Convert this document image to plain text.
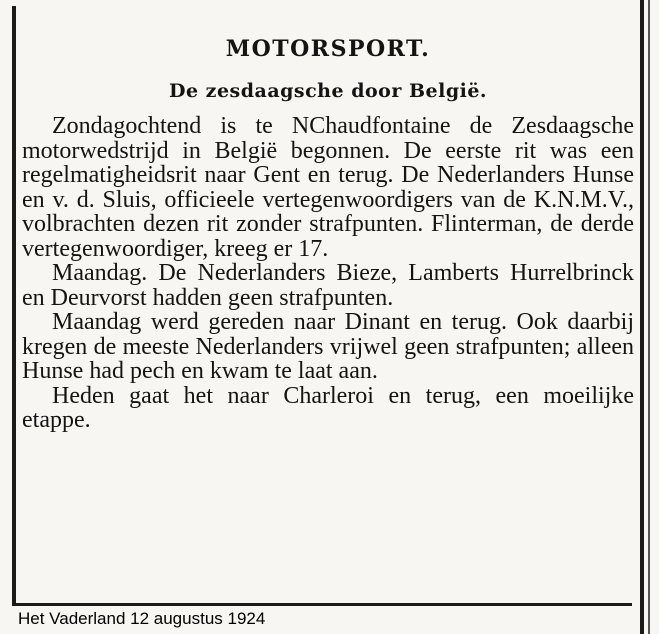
MOTORSPORT.
De zesdaagsche door België.

Zondagochtend is te NChaudfontaine de Zesdaagsche motorwedstrijd in België begonnen. De eerste rit was een regelmatigheidsrit naar Gent en terug. De Nederlanders Hunse en v. d. Sluis, officieele vertegenwoordigers van de K.N.M.V., volbrachten dezen rit zonder strafpunten. Flinterman, de derde vertegenwoordiger, kreeg er 17.

Maandag. De Nederlanders Bieze, Lamberts Hurrelbrinck en Deurvorst hadden geen strafpunten.

Maandag werd gereden naar Dinant en terug. Ook daarbij kregen de meeste Nederlanders vrijwel geen strafpunten; alleen Hunse had pech en kwam te laat aan.

Heden gaat het naar Charleroi en terug, een moeilijke etappe.

Het Vaderland 12 augustus 1924
